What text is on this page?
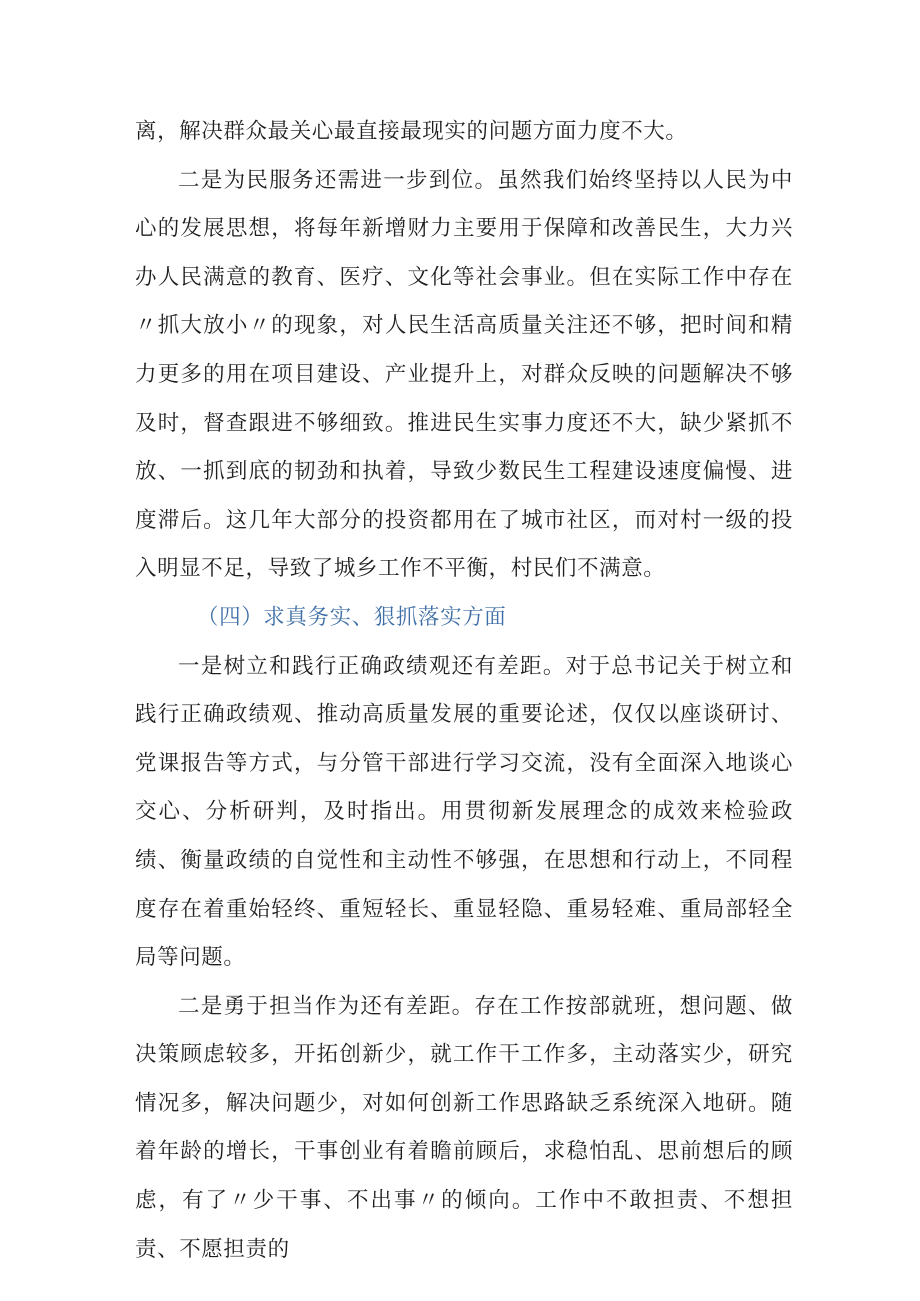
离，解决群众最关心最直接最现实的问题方面力度不大。

二是为民服务还需进一步到位。虽然我们始终坚持以人民为中心的发展思想，将每年新增财力主要用于保障和改善民生，大力兴办人民满意的教育、医疗、文化等社会事业。但在实际工作中存在〃抓大放小〃的现象，对人民生活高质量关注还不够，把时间和精力更多的用在项目建设、产业提升上，对群众反映的问题解决不够及时，督查跟进不够细致。推进民生实事力度还不大，缺少紧抓不放、一抓到底的韧劲和执着，导致少数民生工程建设速度偏慢、进度滞后。这几年大部分的投资都用在了城市社区，而对村一级的投入明显不足，导致了城乡工作不平衡，村民们不满意。

（四）求真务实、狠抓落实方面

一是树立和践行正确政绩观还有差距。对于总书记关于树立和践行正确政绩观、推动高质量发展的重要论述，仅仅以座谈研讨、党课报告等方式，与分管干部进行学习交流，没有全面深入地谈心交心、分析研判，及时指出。用贯彻新发展理念的成效来检验政绩、衡量政绩的自觉性和主动性不够强，在思想和行动上，不同程度存在着重始轻终、重短轻长、重显轻隐、重易轻难、重局部轻全局等问题。

二是勇于担当作为还有差距。存在工作按部就班，想问题、做决策顾虑较多，开拓创新少，就工作干工作多，主动落实少，研究情况多，解决问题少，对如何创新工作思路缺乏系统深入地研。随着年龄的增长，干事创业有着瞻前顾后，求稳怕乱、思前想后的顾虑，有了〃少干事、不出事〃的倾向。工作中不敢担责、不想担责、不愿担责的
